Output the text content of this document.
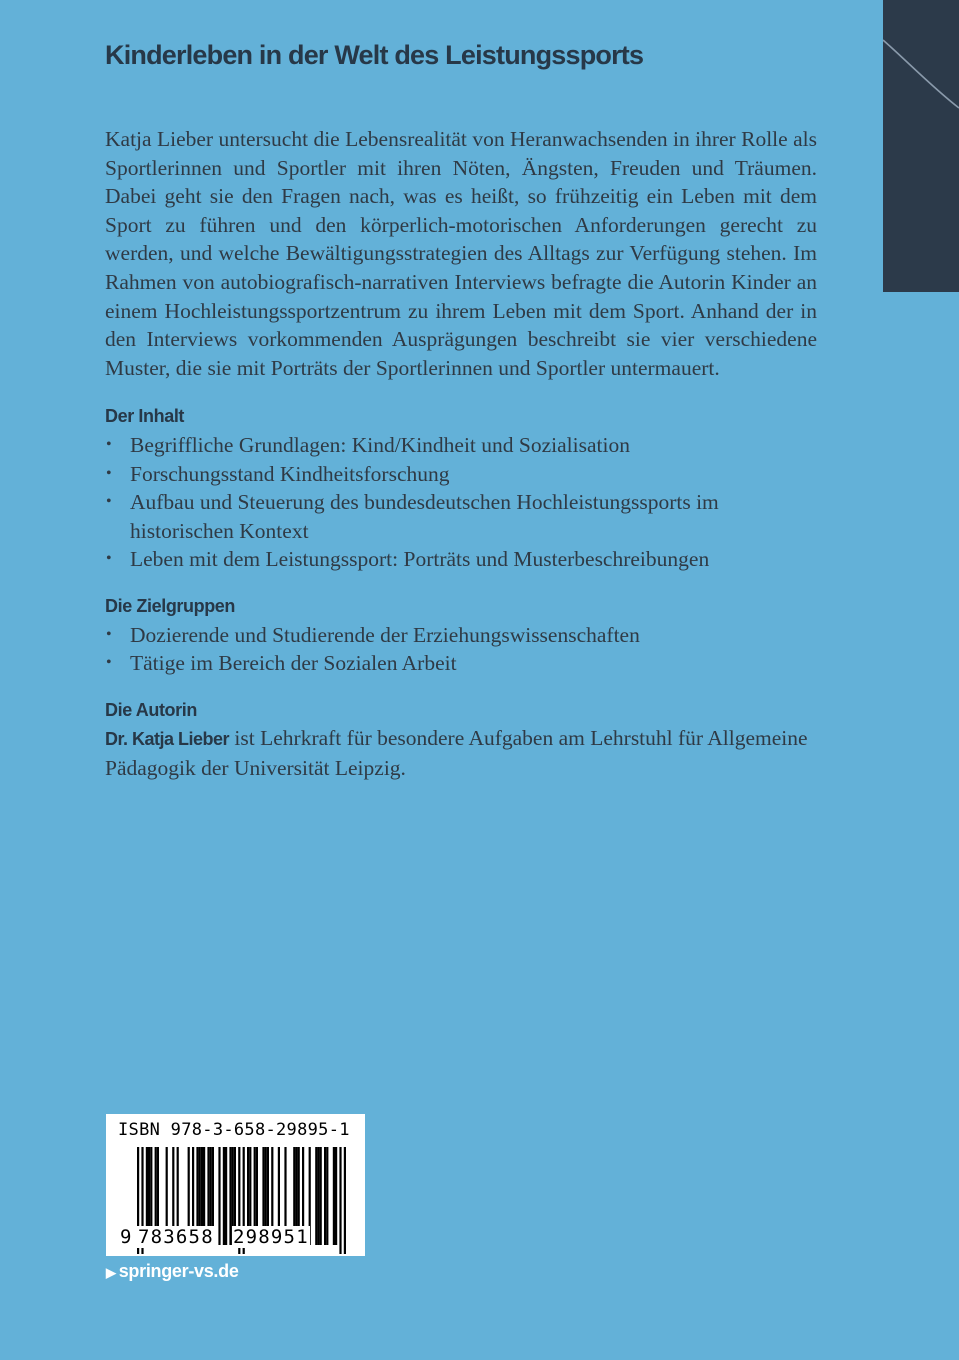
Kinderleben in der Welt des Leistungssports

Katja Lieber untersucht die Lebensrealität von Heranwachsenden in ihrer Rolle als Sportlerinnen und Sportler mit ihren Nöten, Ängsten, Freuden und Träumen. Dabei geht sie den Fragen nach, was es heißt, so frühzeitig ein Leben mit dem Sport zu führen und den körperlich-motorischen Anforderungen gerecht zu werden, und welche Bewältigungsstrategien des Alltags zur Verfügung stehen. Im Rahmen von autobiografisch-narrativen Interviews befragte die Autorin Kinder an einem Hochleistungssportzentrum zu ihrem Leben mit dem Sport. Anhand der in den Interviews vorkommenden Ausprägungen beschreibt sie vier verschiedene Muster, die sie mit Porträts der Sportlerinnen und Sportler untermauert.

Der Inhalt
• Begriffliche Grundlagen: Kind/Kindheit und Sozialisation
• Forschungsstand Kindheitsforschung
• Aufbau und Steuerung des bundesdeutschen Hochleistungssports im historischen Kontext
• Leben mit dem Leistungssport: Porträts und Musterbeschreibungen
Die Zielgruppen
• Dozierende und Studierende der Erziehungswissenschaften
• Tätige im Bereich der Sozialen Arbeit
Die Autorin

Dr. Katja Lieber ist Lehrkraft für besondere Aufgaben am Lehrstuhl für Allgemeine Pädagogik der Universität Leipzig.

ISBN 978-3-658-29895-1
9 783658 298951
▶ springer-vs.de
